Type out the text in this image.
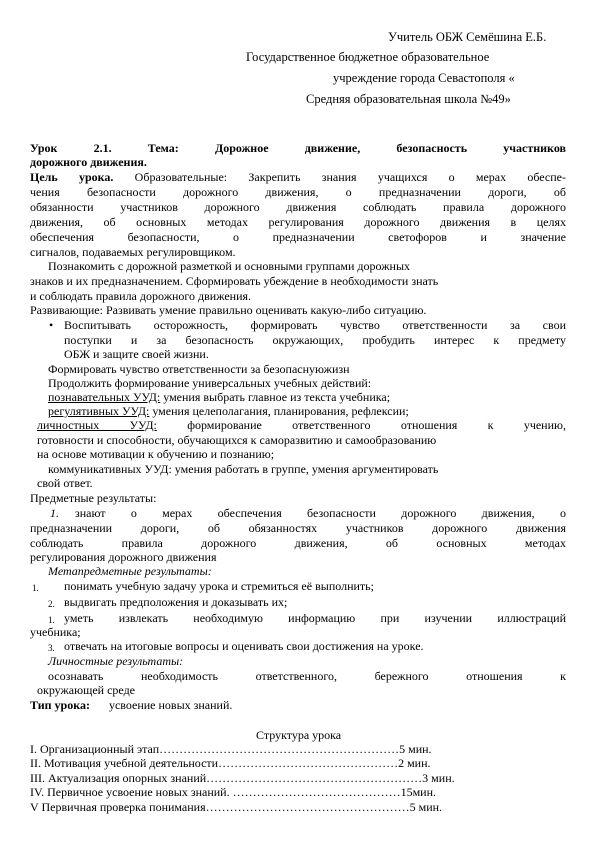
Учитель ОБЖ Семёшина Е.Б.
Государственное бюджетное образовательное
учреждение города Севастополя «
Средняя образовательная школа №49»
Урок 2.1. Тема: Дорожное движение, безопасность участников
дорожного движения.
Цель урока. Образовательные: Закрепить знания учащихся о мерах обеспе-
чения безопасности дорожного движения, о предназначении дороги, об
обязанности участников дорожного движения соблюдать правила дорожного
движения, об основных методах регулирования дорожного движения в целях
обеспечения безопасности, о предназначении светофоров и значение
сигналов, подаваемых регулировщиком.
Познакомить с дорожной разметкой и основными группами дорожных
знаков и их предназначением. Сформировать убеждение в необходимости знать
и соблюдать правила дорожного движения.
Развивающие: Развивать умение правильно оценивать какую-либо ситуацию.
• Воспитывать осторожность, формировать чувство ответственности за свои
поступки и за безопасность окружающих, пробудить интерес к предмету
ОБЖ и защите своей жизни.
Формировать чувство ответственности за безопаснуюжизн
Продолжить формирование универсальных учебных действий:
познавательных УУД: умения выбрать главное из текста учебника;
регулятивных УУД: умения целеполагания, планирования, рефлексии;
личностных УУД: формирование ответственного отношения к учению,
готовности и способности, обучающихся к саморазвитию и самообразованию
на основе мотивации к обучению и познанию;
коммуникативных УУД: умения работать в группе, умения аргументировать
свой ответ.
Предметные результаты:
1. знают о мерах обеспечения безопасности дорожного движения, о
предназначении дороги, об обязанностях участников дорожного движения
соблюдать правила дорожного движения, об основных методах
регулирования дорожного движения
Метапредметные результаты:
1. понимать учебную задачу урока и стремиться её выполнить;
2. выдвигать предположения и доказывать их;
1. уметь извлекать необходимую информацию при изучении иллюстраций
учебника;
3. отвечать на итоговые вопросы и оценивать свои достижения на уроке.
Личностные результаты:
осознавать необходимость ответственного, бережного отношения к
окружающей среде
Тип урока: усвоение новых знаний.
Структура урока
I. Организационный этап……………………………………………………5 мин.
II. Мотивация учебной деятельности………………………………………2 мин.
III. Актуализация опорных знаний………………………………………………3 мин.
IV. Первичное усвоение новых знаний. ……………………………………15мин.
V Первичная проверка понимания……………………………………………5 мин.
